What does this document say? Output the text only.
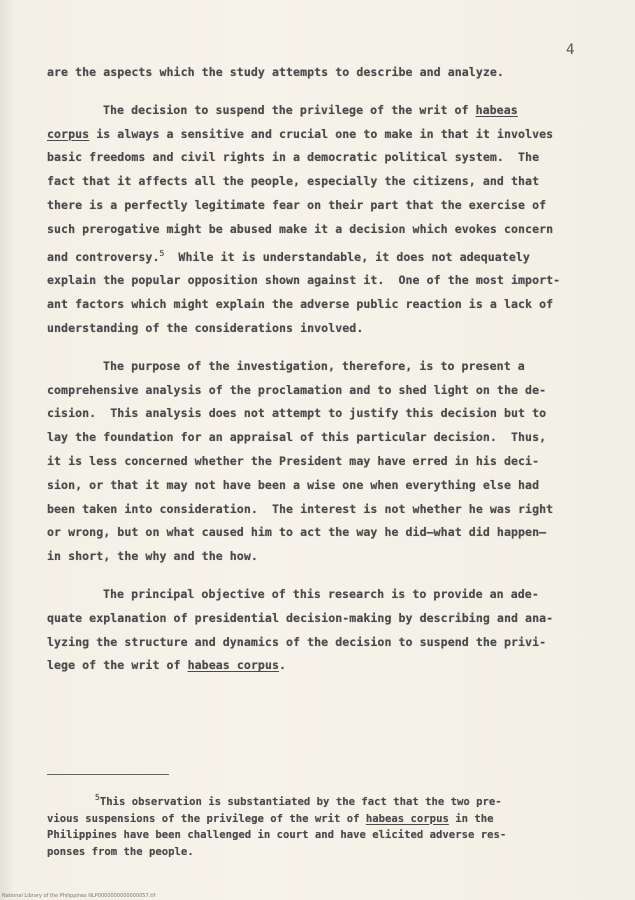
4
are the aspects which the study attempts to describe and analyze.
The decision to suspend the privilege of the writ of habeas
corpus is always a sensitive and crucial one to make in that it involves
basic freedoms and civil rights in a democratic political system.  The
fact that it affects all the people, especially the citizens, and that
there is a perfectly legitimate fear on their part that the exercise of
such prerogative might be abused make it a decision which evokes concern
and controversy.$^5$  While it is understandable, it does not adequately
explain the popular opposition shown against it.  One of the most import-
ant factors which might explain the adverse public reaction is a lack of
understanding of the considerations involved.
The purpose of the investigation, therefore, is to present a
comprehensive analysis of the proclamation and to shed light on the de-
cision.  This analysis does not attempt to justify this decision but to
lay the foundation for an appraisal of this particular decision.  Thus,
it is less concerned whether the President may have erred in his deci-
sion, or that it may not have been a wise one when everything else had
been taken into consideration.  The interest is not whether he was right
or wrong, but on what caused him to act the way he did—what did happen—
in short, the why and the how.
The principal objective of this research is to provide an ade-
quate explanation of presidential decision-making by describing and ana-
lyzing the structure and dynamics of the decision to suspend the privi-
lege of the writ of habeas corpus.
$^5$This observation is substantiated by the fact that the two pre-
vious suspensions of the privilege of the writ of habeas corpus in the
Philippines have been challenged in court and have elicited adverse res-
ponses from the people.
National Library of the Philippines NLP0000000000000057.tif
